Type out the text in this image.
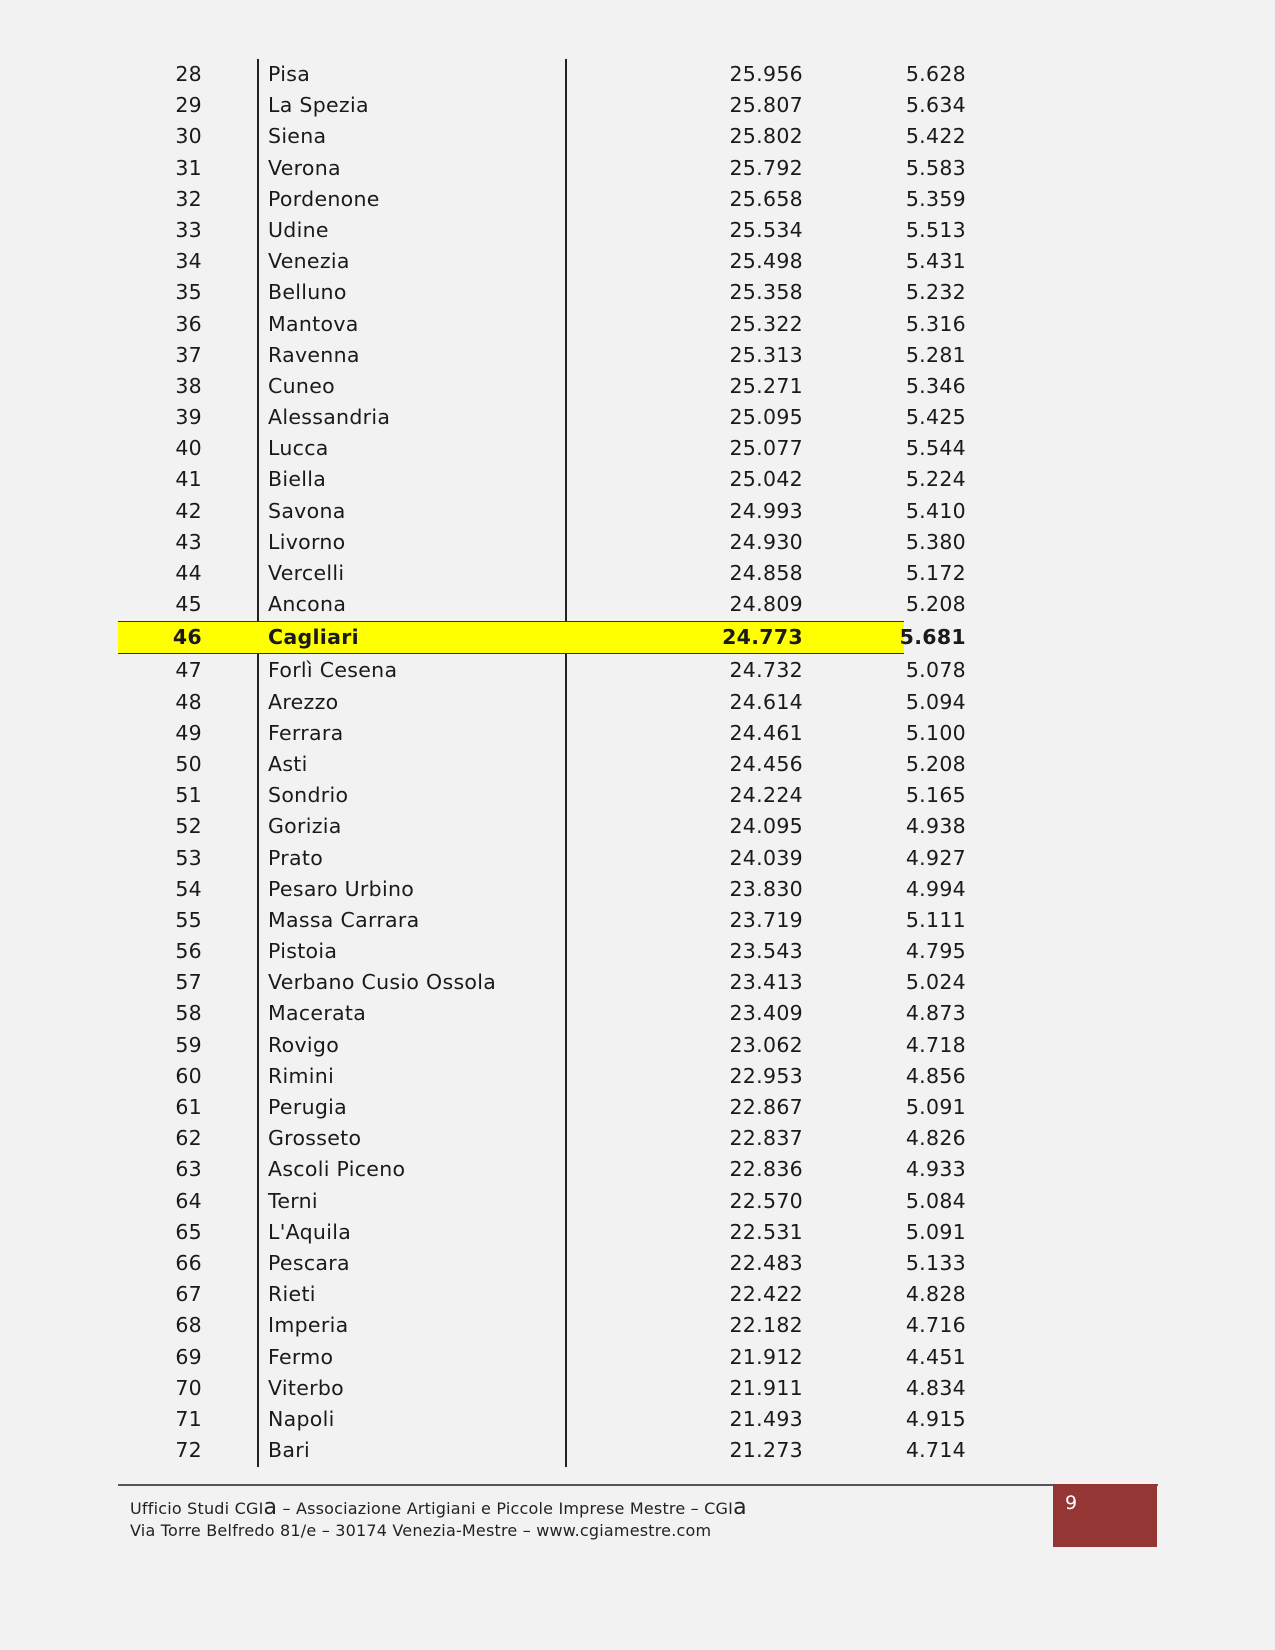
28	Pisa	25.956	5.628
29	La Spezia	25.807	5.634
30	Siena	25.802	5.422
31	Verona	25.792	5.583
32	Pordenone	25.658	5.359
33	Udine	25.534	5.513
34	Venezia	25.498	5.431
35	Belluno	25.358	5.232
36	Mantova	25.322	5.316
37	Ravenna	25.313	5.281
38	Cuneo	25.271	5.346
39	Alessandria	25.095	5.425
40	Lucca	25.077	5.544
41	Biella	25.042	5.224
42	Savona	24.993	5.410
43	Livorno	24.930	5.380
44	Vercelli	24.858	5.172
45	Ancona	24.809	5.208
46	Cagliari	24.773	5.681
47	Forlì Cesena	24.732	5.078
48	Arezzo	24.614	5.094
49	Ferrara	24.461	5.100
50	Asti	24.456	5.208
51	Sondrio	24.224	5.165
52	Gorizia	24.095	4.938
53	Prato	24.039	4.927
54	Pesaro Urbino	23.830	4.994
55	Massa Carrara	23.719	5.111
56	Pistoia	23.543	4.795
57	Verbano Cusio Ossola	23.413	5.024
58	Macerata	23.409	4.873
59	Rovigo	23.062	4.718
60	Rimini	22.953	4.856
61	Perugia	22.867	5.091
62	Grosseto	22.837	4.826
63	Ascoli Piceno	22.836	4.933
64	Terni	22.570	5.084
65	L'Aquila	22.531	5.091
66	Pescara	22.483	5.133
67	Rieti	22.422	4.828
68	Imperia	22.182	4.716
69	Fermo	21.912	4.451
70	Viterbo	21.911	4.834
71	Napoli	21.493	4.915
72	Bari	21.273	4.714
Ufficio Studi CGIa – Associazione Artigiani e Piccole Imprese Mestre – CGIa
Via Torre Belfredo 81/e – 30174 Venezia-Mestre – www.cgiamestre.com
9
